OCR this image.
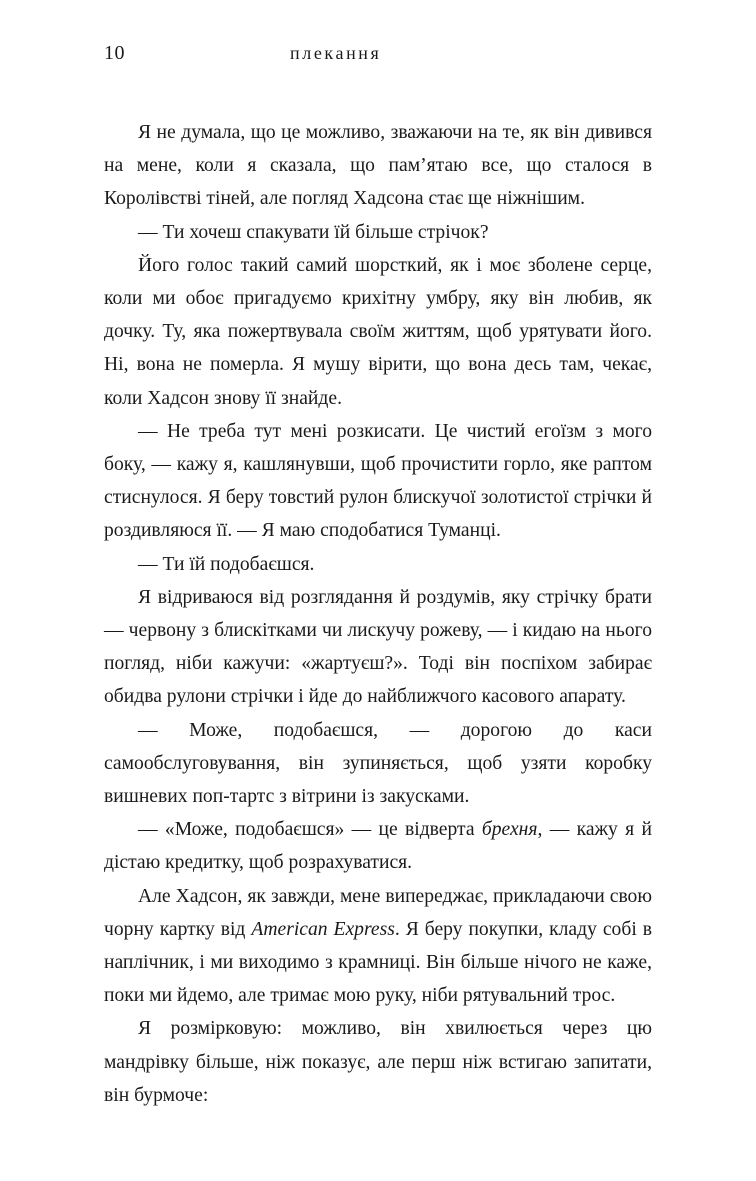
10	плекання

Я не думала, що це можливо, зважаючи на те, як він дивився на мене, коли я сказала, що пам’ятаю все, що сталося в Королівстві тіней, але погляд Хадсона стає ще ніжнішим.

— Ти хочеш спакувати їй більше стрічок?

Його голос такий самий шорсткий, як і моє зболене серце, коли ми обоє пригадуємо крихітну умбру, яку він любив, як дочку. Ту, яка пожертвувала своїм життям, щоб урятувати його. Ні, вона не померла. Я мушу вірити, що вона десь там, чекає, коли Хадсон знову її знайде.

— Не треба тут мені розкисати. Це чистий егоїзм з мого боку, — кажу я, кашлянувши, щоб прочистити горло, яке раптом стиснулося. Я беру товстий рулон блискучої золотистої стрічки й роздивляюся її. — Я маю сподобатися Туманці.

— Ти їй подобаєшся.

Я відриваюся від розглядання й роздумів, яку стрічку брати — червону з блискітками чи лискучу рожеву, — і кидаю на нього погляд, ніби кажучи: «жартуєш?». Тоді він поспіхом забирає обидва рулони стрічки і йде до найближчого касового апарату.

— Може, подобаєшся, — дорогою до каси самообслуговування, він зупиняється, щоб узяти коробку вишневих поп-тартс з вітрини із закусками.

— «Може, подобаєшся» — це відверта брехня, — кажу я й дістаю кредитку, щоб розрахуватися.

Але Хадсон, як завжди, мене випереджає, прикладаючи свою чорну картку від American Express. Я беру покупки, кладу собі в наплічник, і ми виходимо з крамниці. Він більше нічого не каже, поки ми йдемо, але тримає мою руку, ніби рятувальний трос.

Я розмірковую: можливо, він хвилюється через цю мандрівку більше, ніж показує, але перш ніж встигаю запитати, він бурмоче:
